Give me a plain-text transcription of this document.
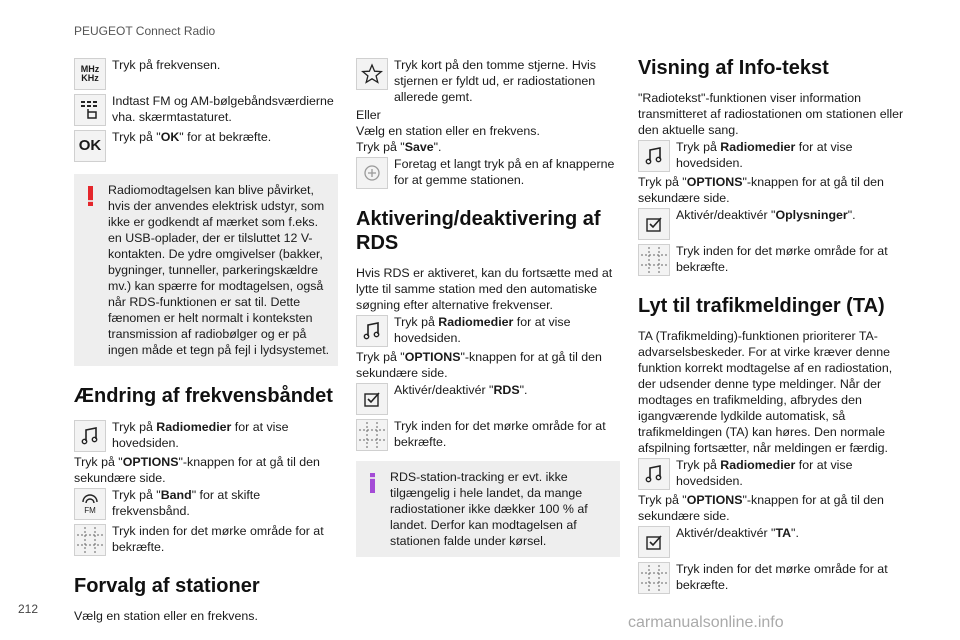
PEUGEOT Connect Radio
MHz
KHz
Tryk på frekvensen.
Indtast FM og AM-bølgebåndsværdierne vha. skærmtastaturet.
OK Tryk på "OK" for at bekræfte.
Radiomodtagelsen kan blive påvirket, hvis der anvendes elektrisk udstyr, som ikke er godkendt af mærket som f.eks. en USB-oplader, der er tilsluttet 12 V-kontakten. De ydre omgivelser (bakker, bygninger, tunneller, parkeringskældre mv.) kan spærre for modtagelsen, også når RDS-funktionen er sat til. Dette fænomen er helt normalt i konteksten transmission af radiobølger og er på ingen måde et tegn på fejl i lydsystemet.
Ændring af frekvensbåndet
Tryk på Radiomedier for at vise hovedsiden.
Tryk på "OPTIONS"-knappen for at gå til den sekundære side.
FM
Tryk på "Band" for at skifte frekvensbånd.
Tryk inden for det mørke område for at bekræfte.
Forvalg af stationer
Vælg en station eller en frekvens.
Tryk kort på den tomme stjerne. Hvis stjernen er fyldt ud, er radiostationen allerede gemt.
Eller
Vælg en station eller en frekvens.
Tryk på "Save".
Foretag et langt tryk på en af knapperne for at gemme stationen.
Aktivering/deaktivering af RDS
Hvis RDS er aktiveret, kan du fortsætte med at lytte til samme station med den automatiske søgning efter alternative frekvenser.
Tryk på Radiomedier for at vise hovedsiden.
Tryk på "OPTIONS"-knappen for at gå til den sekundære side.
Aktivér/deaktivér "RDS".
Tryk inden for det mørke område for at bekræfte.
RDS-station-tracking er evt. ikke tilgængelig i hele landet, da mange radiostationer ikke dækker 100 % af landet. Derfor kan modtagelsen af stationen falde under kørsel.
Visning af Info-tekst
"Radiotekst"-funktionen viser information transmitteret af radiostationen om stationen eller den aktuelle sang.
Tryk på Radiomedier for at vise hovedsiden.
Tryk på "OPTIONS"-knappen for at gå til den sekundære side.
Aktivér/deaktivér "Oplysninger".
Tryk inden for det mørke område for at bekræfte.
Lyt til trafikmeldinger (TA)
TA (Trafikmelding)-funktionen prioriterer TA-advarselsbeskeder. For at virke kræver denne funktion korrekt modtagelse af en radiostation, der udsender denne type meldinger. Når der modtages en trafikmelding, afbrydes den igangværende lydkilde automatisk, så trafikmeldingen (TA) kan høres. Den normale afspilning fortsætter, når meldingen er færdig.
Tryk på Radiomedier for at vise hovedsiden.
Tryk på "OPTIONS"-knappen for at gå til den sekundære side.
Aktivér/deaktivér "TA".
Tryk inden for det mørke område for at bekræfte.
212
carmanualsonline.info
